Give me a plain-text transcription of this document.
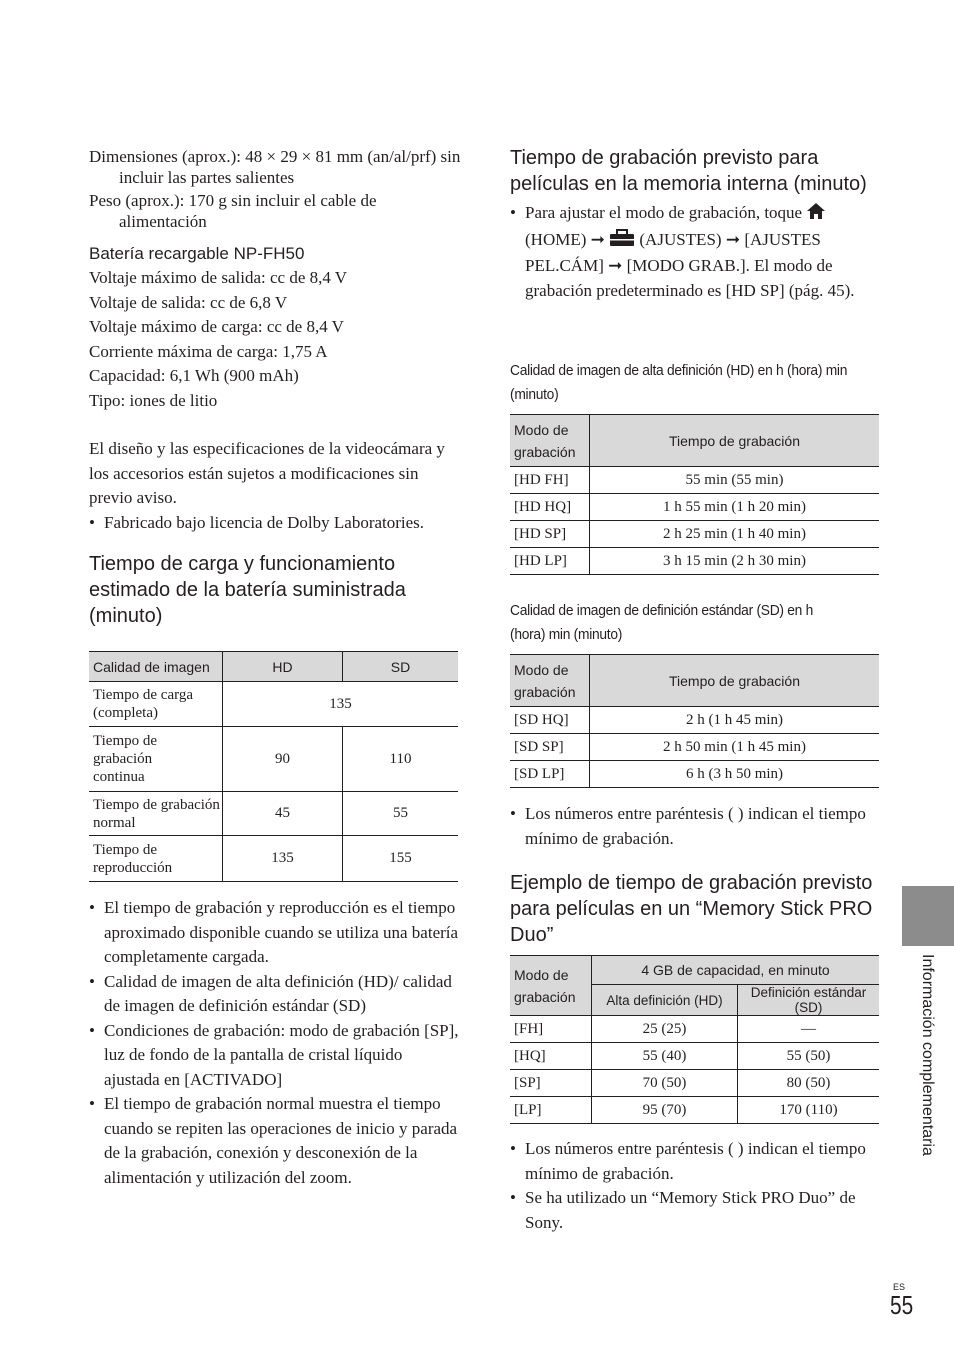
Dimensiones (aprox.): 48 × 29 × 81 mm (an/al/prf) sin incluir las partes salientes

Peso (aprox.): 170 g sin incluir el cable de alimentación

Batería recargable NP-FH50

Voltaje máximo de salida: cc de 8,4 V

Voltaje de salida: cc de 6,8 V

Voltaje máximo de carga: cc de 8,4 V

Corriente máxima de carga: 1,75 A

Capacidad: 6,1 Wh (900 mAh)

Tipo: iones de litio

El diseño y las especificaciones de la videocámara y los accesorios están sujetos a modificaciones sin previo aviso.

• Fabricado bajo licencia de Dolby Laboratories.
Tiempo de carga y funcionamiento estimado de la batería suministrada (minuto)
Calidad de imagen	HD	SD
Tiempo de carga (completa)	135	
Tiempo de grabación continua	90	110
Tiempo de grabación normal	45	55
Tiempo de reproducción	135	155
• El tiempo de grabación y reproducción es el tiempo aproximado disponible cuando se utiliza una batería completamente cargada.
• Calidad de imagen de alta definición (HD)/ calidad de imagen de definición estándar (SD)
• Condiciones de grabación: modo de grabación [SP], luz de fondo de la pantalla de cristal líquido ajustada en [ACTIVADO]
• El tiempo de grabación normal muestra el tiempo cuando se repiten las operaciones de inicio y parada de la grabación, conexión y desconexión de la alimentación y utilización del zoom.
Tiempo de grabación previsto para películas en la memoria interna (minuto)
• Para ajustar el modo de grabación, toque  (HOME) ➞ (AJUSTES) ➞ [AJUSTES PEL.CÁM] ➞ [MODO GRAB.]. El modo de grabación predeterminado es [HD SP] (pág. 45).

Calidad de imagen de alta definición (HD) en h (hora) min (minuto)

Modo de grabación	Tiempo de grabación
[HD FH]	55 min (55 min)
[HD HQ]	1 h 55 min (1 h 20 min)
[HD SP]	2 h 25 min (1 h 40 min)
[HD LP]	3 h 15 min (2 h 30 min)

Calidad de imagen de definición estándar (SD) en h (hora) min (minuto)

Modo de grabación	Tiempo de grabación
[SD HQ]	2 h (1 h 45 min)
[SD SP]	2 h 50 min (1 h 45 min)
[SD LP]	6 h (3 h 50 min)
• Los números entre paréntesis ( ) indican el tiempo mínimo de grabación.
Ejemplo de tiempo de grabación previsto para películas en un “Memory Stick PRO Duo”
Modo de grabación	4 GB de capacidad, en minuto	
	Alta definición (HD)	Definición estándar (SD)
[FH]	25 (25)	—
[HQ]	55 (40)	55 (50)
[SP]	70 (50)	80 (50)
[LP]	95 (70)	170 (110)
• Los números entre paréntesis ( ) indican el tiempo mínimo de grabación.
• Se ha utilizado un “Memory Stick PRO Duo” de Sony.
Información complementaria
ES
55
